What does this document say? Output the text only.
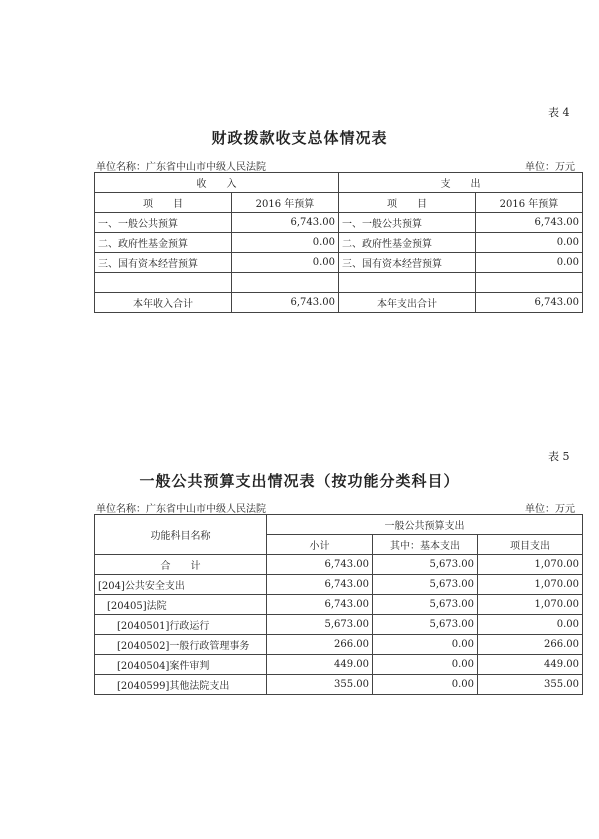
表 4
财政拨款收支总体情况表
单位名称：广东省中山市中级人民法院	单位：万元
收　　入		支　　出	
项　　目	2016 年预算	项　　目	2016 年预算
一、一般公共预算	6,743.00	一、一般公共预算	6,743.00
二、政府性基金预算	0.00	二、政府性基金预算	0.00
三、国有资本经营预算	0.00	三、国有资本经营预算	0.00

本年收入合计	6,743.00	本年支出合计	6,743.00
表 5
一般公共预算支出情况表（按功能分类科目）
单位名称：广东省中山市中级人民法院	单位：万元
功能科目名称	一般公共预算支出		
	小计	其中：基本支出	项目支出
合　　计	6,743.00	5,673.00	1,070.00
[204]公共安全支出	6,743.00	5,673.00	1,070.00
[20405]法院	6,743.00	5,673.00	1,070.00
[2040501]行政运行	5,673.00	5,673.00	0.00
[2040502]一般行政管理事务	266.00	0.00	266.00
[2040504]案件审判	449.00	0.00	449.00
[2040599]其他法院支出	355.00	0.00	355.00
